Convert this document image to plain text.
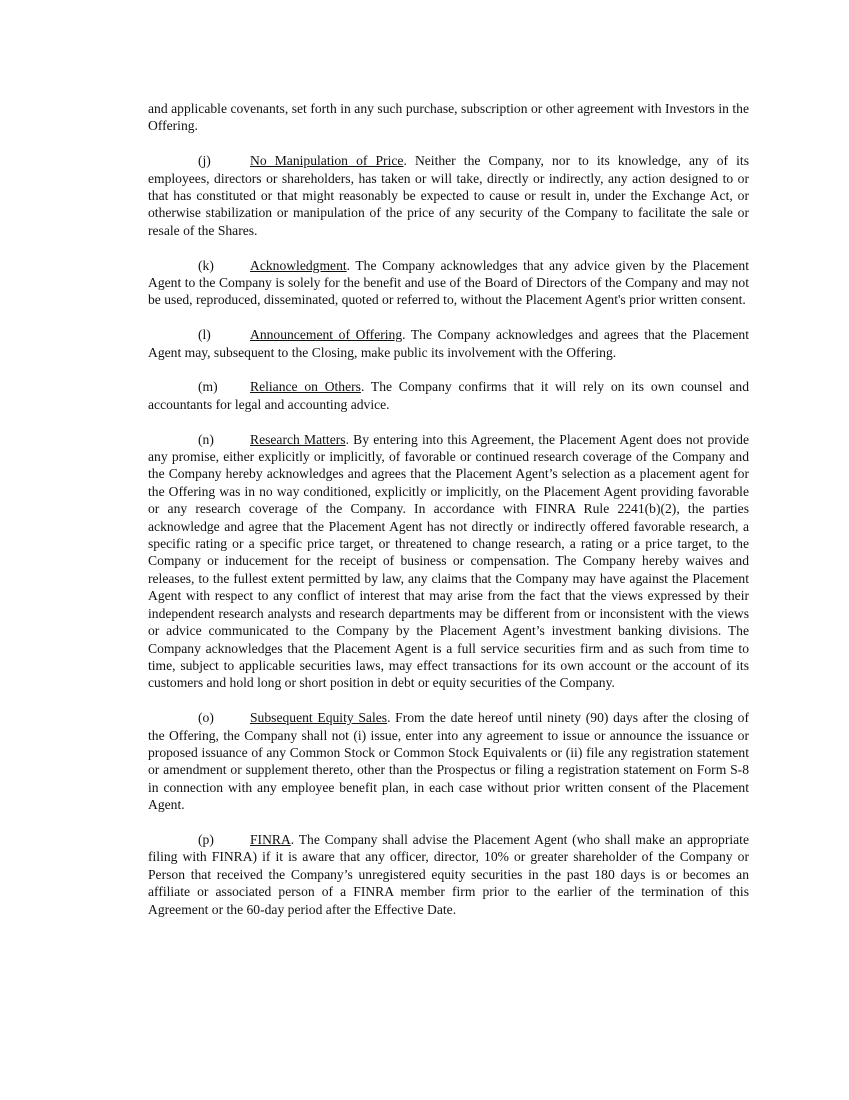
and applicable covenants, set forth in any such purchase, subscription or other agreement with Investors in the Offering.

(j)	No Manipulation of Price. Neither the Company, nor to its knowledge, any of its employees, directors or shareholders, has taken or will take, directly or indirectly, any action designed to or that has constituted or that might reasonably be expected to cause or result in, under the Exchange Act, or otherwise stabilization or manipulation of the price of any security of the Company to facilitate the sale or resale of the Shares.

(k)	Acknowledgment. The Company acknowledges that any advice given by the Placement Agent to the Company is solely for the benefit and use of the Board of Directors of the Company and may not be used, reproduced, disseminated, quoted or referred to, without the Placement Agent's prior written consent.

(l)	Announcement of Offering. The Company acknowledges and agrees that the Placement Agent may, subsequent to the Closing, make public its involvement with the Offering.

(m) Reliance on Others. The Company confirms that it will rely on its own counsel and accountants for legal and accounting advice.

(n)	Research Matters. By entering into this Agreement, the Placement Agent does not provide any promise, either explicitly or implicitly, of favorable or continued research coverage of the Company and the Company hereby acknowledges and agrees that the Placement Agent’s selection as a placement agent for the Offering was in no way conditioned, explicitly or implicitly, on the Placement Agent providing favorable or any research coverage of the Company. In accordance with FINRA Rule 2241(b)(2), the parties acknowledge and agree that the Placement Agent has not directly or indirectly offered favorable research, a specific rating or a specific price target, or threatened to change research, a rating or a price target, to the Company or inducement for the receipt of business or compensation. The Company hereby waives and releases, to the fullest extent permitted by law, any claims that the Company may have against the Placement Agent with respect to any conflict of interest that may arise from the fact that the views expressed by their independent research analysts and research departments may be different from or inconsistent with the views or advice communicated to the Company by the Placement Agent’s investment banking divisions. The Company acknowledges that the Placement Agent is a full service securities firm and as such from time to time, subject to applicable securities laws, may effect transactions for its own account or the account of its customers and hold long or short position in debt or equity securities of the Company.

(o)	Subsequent Equity Sales. From the date hereof until ninety (90) days after the closing of the Offering, the Company shall not (i) issue, enter into any agreement to issue or announce the issuance or proposed issuance of any Common Stock or Common Stock Equivalents or (ii) file any registration statement or amendment or supplement thereto, other than the Prospectus or filing a registration statement on Form S-8 in connection with any employee benefit plan, in each case without prior written consent of the Placement Agent.

(p)	FINRA. The Company shall advise the Placement Agent (who shall make an appropriate filing with FINRA) if it is aware that any officer, director, 10% or greater shareholder of the Company or Person that received the Company’s unregistered equity securities in the past 180 days is or becomes an affiliate or associated person of a FINRA member firm prior to the earlier of the termination of this Agreement or the 60-day period after the Effective Date.
